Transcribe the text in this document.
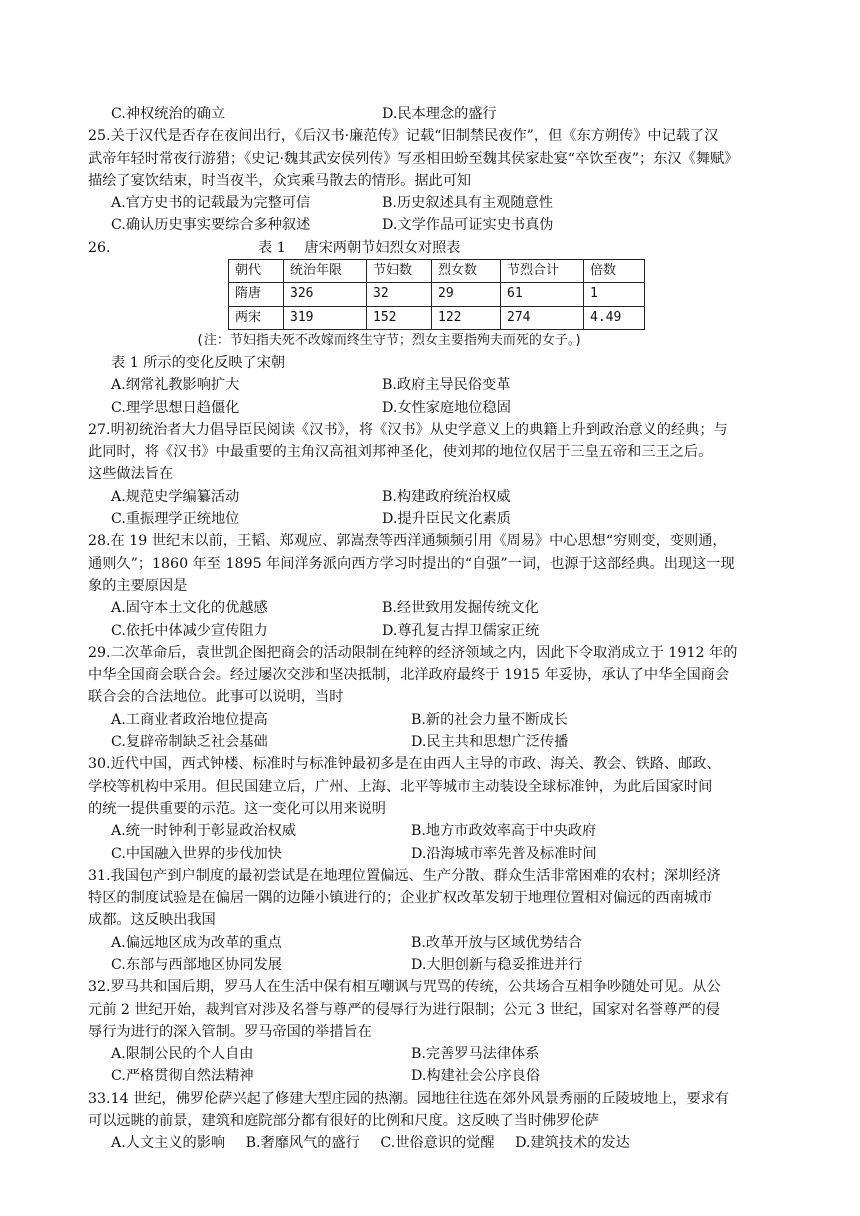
C.神权统治的确立	D.民本理念的盛行
25.关于汉代是否存在夜间出行，《后汉书·廉范传》记载“旧制禁民夜作”，但《东方朔传》中记载了汉
武帝年轻时常夜行游猎；《史记·魏其武安侯列传》写丞相田蚡至魏其侯家赴宴“卒饮至夜”；东汉《舞赋》
描绘了宴饮结束，时当夜半，众宾乘马散去的情形。据此可知
A.官方史书的记载最为完整可信	B.历史叙述具有主观随意性
C.确认历史事实要综合多种叙述	D.文学作品可证实史书真伪
26.	表 1　 唐宋两朝节妇烈女对照表
朝代	统治年限	节妇数	烈女数	节烈合计	倍数
隋唐	326	32	29	61	1
两宋	319	152	122	274	4.49
(注：节妇指夫死不改嫁而终生守节；烈女主要指殉夫而死的女子。)
表 1 所示的变化反映了宋朝
A.纲常礼教影响扩大	B.政府主导民俗变革
C.理学思想日趋僵化	D.女性家庭地位稳固
27.明初统治者大力倡导臣民阅读《汉书》，将《汉书》从史学意义上的典籍上升到政治意义的经典；与
此同时，将《汉书》中最重要的主角汉高祖刘邦神圣化，使刘邦的地位仅居于三皇五帝和三王之后。
这些做法旨在
A.规范史学编纂活动	B.构建政府统治权威
C.重振理学正统地位	D.提升臣民文化素质
28.在 19 世纪末以前，王韬、郑观应、郭嵩焘等西洋通频频引用《周易》中心思想“穷则变，变则通，
通则久”；1860 年至 1895 年间洋务派向西方学习时提出的“自强”一词，也源于这部经典。出现这一现
象的主要原因是
A.固守本土文化的优越感	B.经世致用发掘传统文化
C.依托中体减少宣传阻力	D.尊孔复古捍卫儒家正统
29.二次革命后，袁世凯企图把商会的活动限制在纯粹的经济领域之内，因此下令取消成立于 1912 年的
中华全国商会联合会。经过屡次交涉和坚决抵制，北洋政府最终于 1915 年妥协，承认了中华全国商会
联合会的合法地位。此事可以说明，当时
A.工商业者政治地位提高	B.新的社会力量不断成长
C.复辟帝制缺乏社会基础	D.民主共和思想广泛传播
30.近代中国，西式钟楼、标准时与标准钟最初多是在由西人主导的市政、海关、教会、铁路、邮政、
学校等机构中采用。但民国建立后，广州、上海、北平等城市主动装设全球标准钟，为此后国家时间
的统一提供重要的示范。这一变化可以用来说明
A.统一时钟利于彰显政治权威	B.地方市政效率高于中央政府
C.中国融入世界的步伐加快	D.沿海城市率先普及标准时间
31.我国包产到户制度的最初尝试是在地理位置偏远、生产分散、群众生活非常困难的农村；深圳经济
特区的制度试验是在偏居一隅的边陲小镇进行的；企业扩权改革发轫于地理位置相对偏远的西南城市
成都。这反映出我国
A.偏远地区成为改革的重点	B.改革开放与区域优势结合
C.东部与西部地区协同发展	D.大胆创新与稳妥推进并行
32.罗马共和国后期，罗马人在生活中保有相互嘲讽与咒骂的传统，公共场合互相争吵随处可见。从公
元前 2 世纪开始，裁判官对涉及名誉与尊严的侵辱行为进行限制；公元 3 世纪，国家对名誉尊严的侵
辱行为进行的深入管制。罗马帝国的举措旨在
A.限制公民的个人自由	B.完善罗马法律体系
C.严格贯彻自然法精神	D.构建社会公序良俗
33.14 世纪，佛罗伦萨兴起了修建大型庄园的热潮。园地往往选在郊外风景秀丽的丘陵坡地上，要求有
可以远眺的前景，建筑和庭院部分都有很好的比例和尺度。这反映了当时佛罗伦萨
A.人文主义的影响 B.奢靡风气的盛行 C.世俗意识的觉醒 D.建筑技术的发达
